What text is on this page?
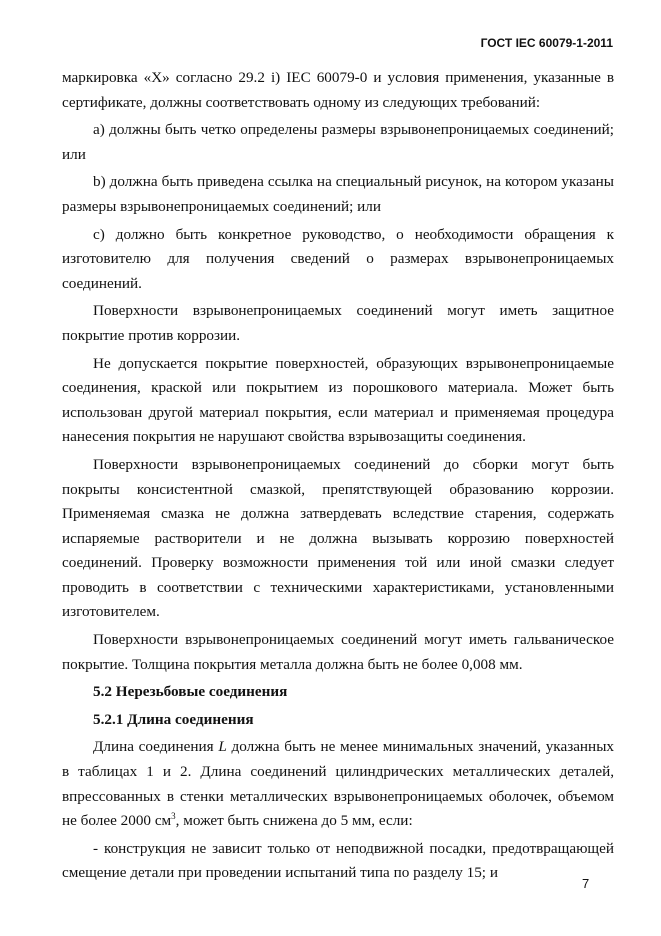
ГОСТ IEC 60079-1-2011

маркировка «X» согласно 29.2 i) IEC 60079-0 и условия применения, указанные в сертификате, должны соответствовать одному из следующих требований:

a) должны быть четко определены размеры взрывонепроницаемых соединений; или

b) должна быть приведена ссылка на специальный рисунок, на котором указаны размеры взрывонепроницаемых соединений; или

c) должно быть конкретное руководство, о необходимости обращения к изготовителю для получения сведений о размерах взрывонепроницаемых соединений.

Поверхности взрывонепроницаемых соединений могут иметь защитное покрытие против коррозии.

Не допускается покрытие поверхностей, образующих взрывонепроницаемые соединения, краской или покрытием из порошкового материала. Может быть использован другой материал покрытия, если материал и применяемая процедура нанесения покрытия не нарушают свойства взрывозащиты соединения.

Поверхности взрывонепроницаемых соединений до сборки могут быть покрыты консистентной смазкой, препятствующей образованию коррозии. Применяемая смазка не должна затвердевать вследствие старения, содержать испаряемые растворители и не должна вызывать коррозию поверхностей соединений. Проверку возможности применения той или иной смазки следует проводить в соответствии с техническими характеристиками, установленными изготовителем.

Поверхности взрывонепроницаемых соединений могут иметь гальваническое покрытие. Толщина покрытия металла должна быть не более 0,008 мм.

5.2 Нерезьбовые соединения
5.2.1 Длина соединения

Длина соединения L должна быть не менее минимальных значений, указанных в таблицах 1 и 2. Длина соединений цилиндрических металлических деталей, впрессованных в стенки металлических взрывонепроницаемых оболочек, объемом не более 2000 $см^3$, может быть снижена до 5 мм, если:

- конструкция не зависит только от неподвижной посадки, предотвращающей смещение детали при проведении испытаний типа по разделу 15; и

7
